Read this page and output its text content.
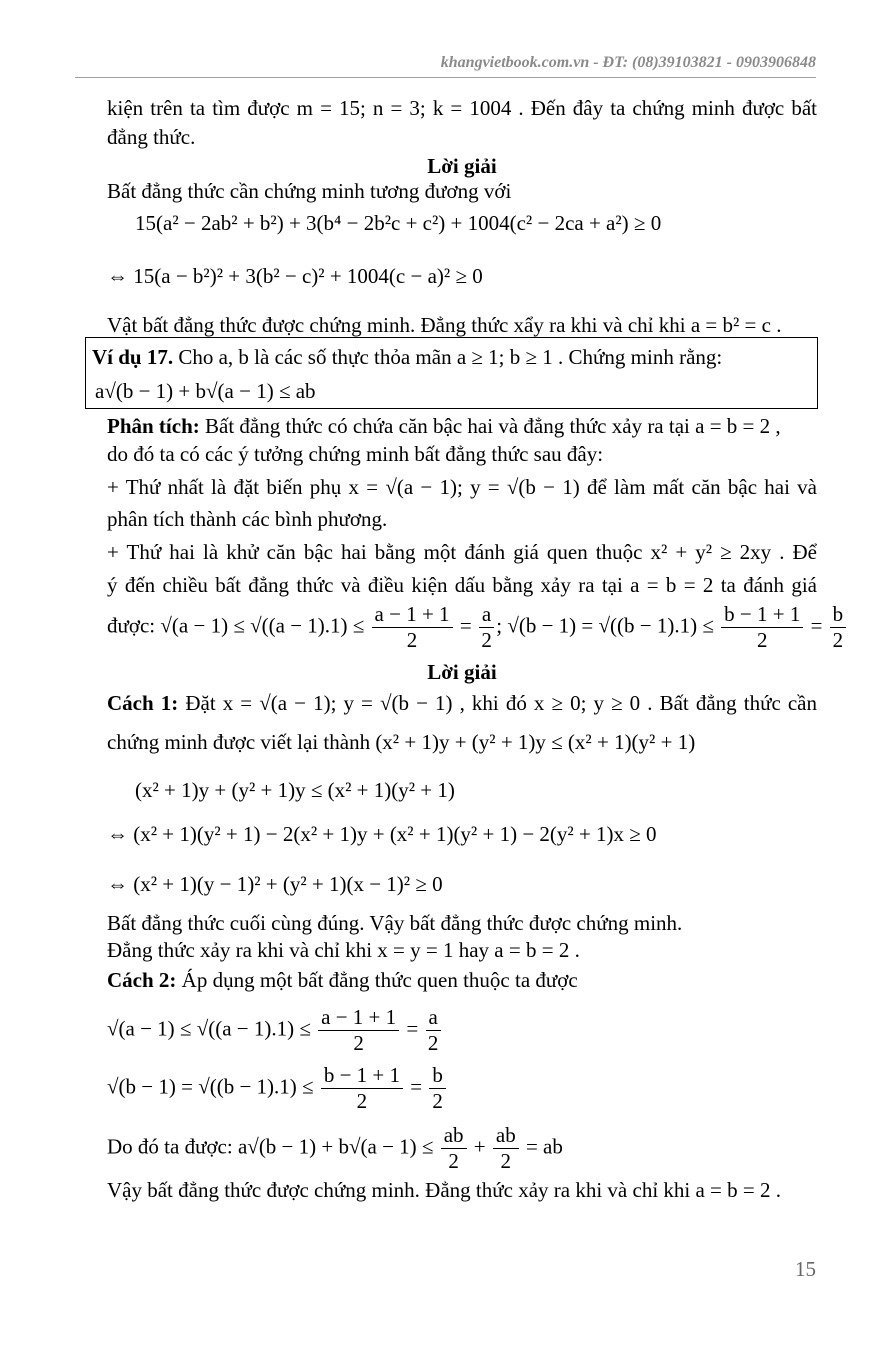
khangvietbook.com.vn - ĐT: (08)39103821 - 0903906848
kiện trên ta tìm được m = 15; n = 3; k = 1004 . Đến đây ta chứng minh được bất
đẳng thức.
Lời giải
Bất đẳng thức cần chứng minh tương đương với
15(a² − 2ab² + b²) + 3(b⁴ − 2b²c + c²) + 1004(c² − 2ca + a²) ≥ 0
⇔ 15(a − b²)² + 3(b² − c)² + 1004(c − a)² ≥ 0
Vật bất đẳng thức được chứng minh. Đẳng thức xẩy ra khi và chỉ khi a = b² = c .
Ví dụ 17. Cho a, b là các số thực thỏa mãn a ≥ 1; b ≥ 1 . Chứng minh rằng:
a√(b − 1) + b√(a − 1) ≤ ab
Phân tích: Bất đẳng thức có chứa căn bậc hai và đẳng thức xảy ra tại a = b = 2 ,
do đó ta có các ý tưởng chứng minh bất đẳng thức sau đây:
+ Thứ nhất là đặt biến phụ x = √(a − 1); y = √(b − 1) để làm mất căn bậc hai và
phân tích thành các bình phương.
+ Thứ hai là khử căn bậc hai bằng một đánh giá quen thuộc x² + y² ≥ 2xy . Để
ý đến chiều bất đẳng thức và điều kiện dấu bằng xảy ra tại a = b = 2 ta đánh giá
được: $√(a - 1) \le √((a - 1).1) \le \frac{a - 1 + 1}{2} = \frac{a}{2}$ ; $√(b - 1) = √((b - 1).1) \le \frac{b - 1 + 1}{2} = \frac{b}{2}$
Lời giải
Cách 1: Đặt x = √(a − 1); y = √(b − 1) , khi đó x ≥ 0; y ≥ 0 . Bất đẳng thức cần
chứng minh được viết lại thành (x² + 1)y + (y² + 1)y ≤ (x² + 1)(y² + 1)
(x² + 1)y + (y² + 1)y ≤ (x² + 1)(y² + 1)
⇔ (x² + 1)(y² + 1) − 2(x² + 1)y + (x² + 1)(y² + 1) − 2(y² + 1)x ≥ 0
⇔ (x² + 1)(y − 1)² + (y² + 1)(x − 1)² ≥ 0
Bất đẳng thức cuối cùng đúng. Vậy bất đẳng thức được chứng minh.
Đẳng thức xảy ra khi và chỉ khi x = y = 1 hay a = b = 2 .
Cách 2: Áp dụng một bất đẳng thức quen thuộc ta được
$√(a - 1) \le √((a - 1).1) \le \frac{a - 1 + 1}{2} = \frac{a}{2}$
$√(b - 1) = √((b - 1).1) \le \frac{b - 1 + 1}{2} = \frac{b}{2}$
Do đó ta được: $a√(b - 1) + b√(a - 1) \le \frac{ab}{2} + \frac{ab}{2}$ = ab
Vậy bất đẳng thức được chứng minh. Đẳng thức xảy ra khi và chỉ khi a = b = 2 .
15
